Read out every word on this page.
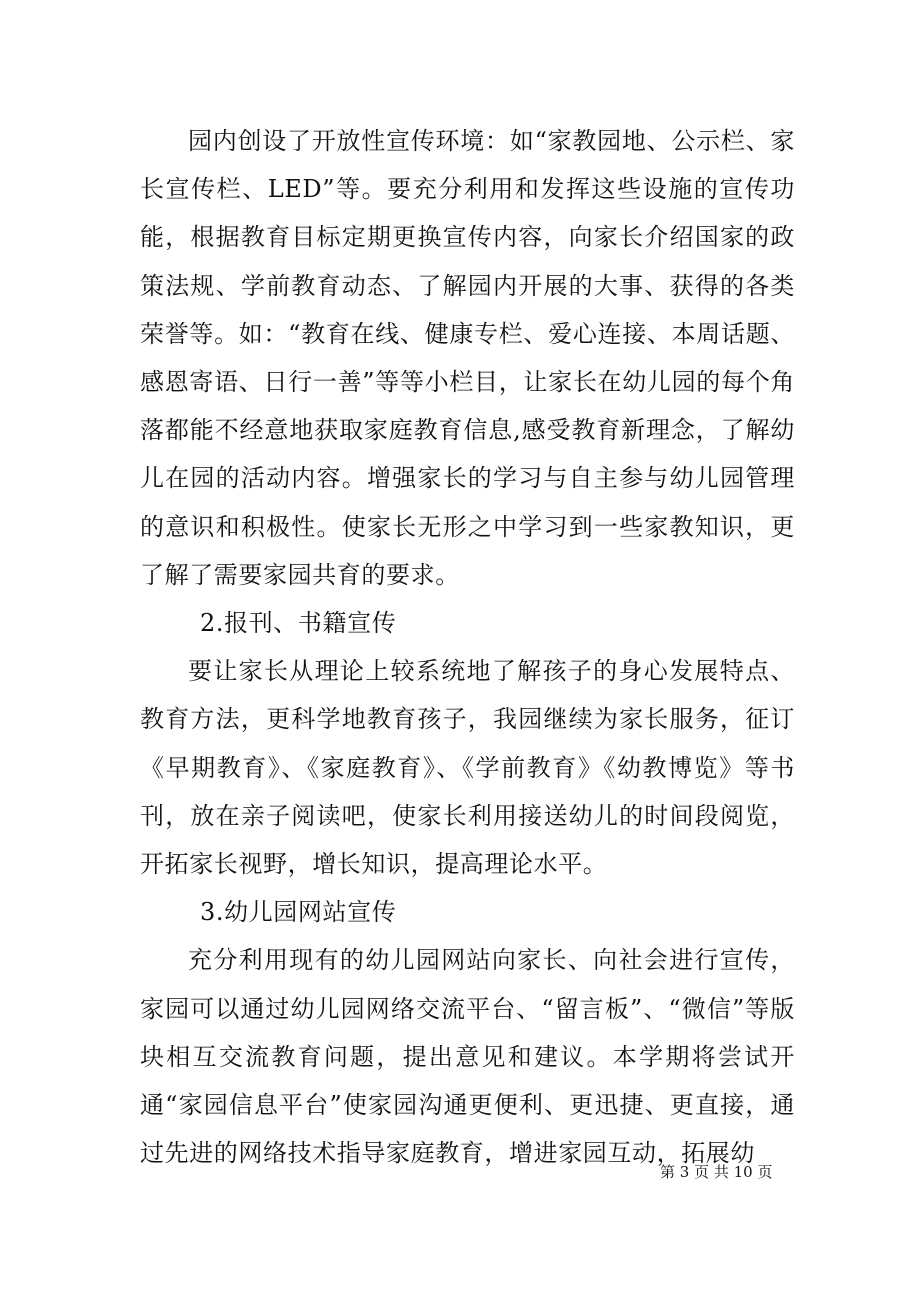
园内创设了开放性宣传环境：如“家教园地、公示栏、家长宣传栏、LED”等。要充分利用和发挥这些设施的宣传功能，根据教育目标定期更换宣传内容，向家长介绍国家的政策法规、学前教育动态、了解园内开展的大事、获得的各类荣誉等。如：“教育在线、健康专栏、爱心连接、本周话题、感恩寄语、日行一善”等等小栏目，让家长在幼儿园的每个角落都能不经意地获取家庭教育信息,感受教育新理念，了解幼儿在园的活动内容。增强家长的学习与自主参与幼儿园管理的意识和积极性。使家长无形之中学习到一些家教知识，更了解了需要家园共育的要求。

2.报刊、书籍宣传

要让家长从理论上较系统地了解孩子的身心发展特点、教育方法，更科学地教育孩子，我园继续为家长服务，征订《早期教育》、《家庭教育》、《学前教育》《幼教博览》等书刊，放在亲子阅读吧，使家长利用接送幼儿的时间段阅览，开拓家长视野，增长知识，提高理论水平。

3.幼儿园网站宣传

充分利用现有的幼儿园网站向家长、向社会进行宣传，家园可以通过幼儿园网络交流平台、“留言板”、“微信”等版块相互交流教育问题，提出意见和建议。本学期将尝试开通“家园信息平台”使家园沟通更便利、更迅捷、更直接，通过先进的网络技术指导家庭教育，增进家园互动，拓展幼

第 3 页 共 10 页
